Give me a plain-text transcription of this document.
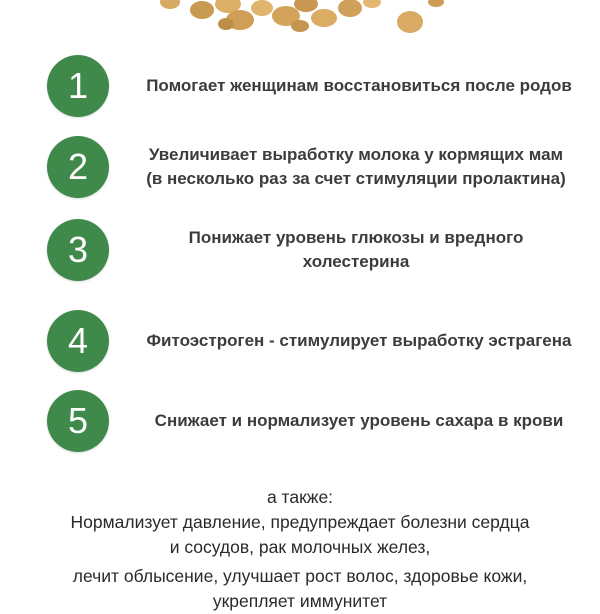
1	Помогает женщинам восстановиться после родов
2	Увеличивает выработку молока у кормящих мам
(в несколько раз за счет стимуляции пролактина)
3	Понижает уровень глюкозы и вредного
холестерина
4	Фитоэстроген - стимулирует выработку эстрагена
5	Снижает и нормализует уровень сахара в крови
а также:
Нормализует давление, предупреждает болезни сердца
и сосудов, рак молочных желез,
лечит облысение, улучшает рост волос, здоровье кожи,
укрепляет иммунитет
